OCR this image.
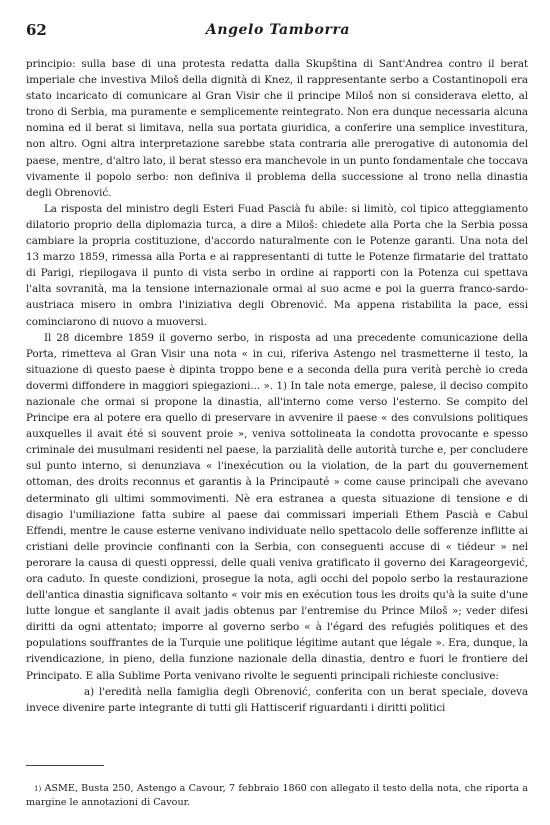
62	Angelo Tamborra

principio: sulla base di una protesta redatta dalla Skupština di Sant'Andrea contro il berat imperiale che investiva Miloš della dignità di Knez, il rappresentante serbo a Costantinopoli era stato incaricato di comunicare al Gran Visir che il principe Miloš non si considerava eletto, al trono di Serbia, ma puramente e semplicemente reintegrato. Non era dunque necessaria alcuna nomina ed il berat si limitava, nella sua portata giuridica, a conferire una semplice investitura, non altro. Ogni altra interpretazione sarebbe stata contraria alle prerogative di autonomia del paese, mentre, d'altro lato, il berat stesso era manchevole in un punto fondamentale che toccava vivamente il popolo serbo: non definiva il problema della successione al trono nella dinastia degli Obrenović.

La risposta del ministro degli Esteri Fuad Pascià fu abile: si limitò, col tipico atteggiamento dilatorio proprio della diplomazia turca, a dire a Miloš: chiedete alla Porta che la Serbia possa cambiare la propria costituzione, d'accordo naturalmente con le Potenze garanti. Una nota del 13 marzo 1859, rimessa alla Porta e ai rappresentanti di tutte le Potenze firmatarie del trattato di Parigi, riepilogava il punto di vista serbo in ordine ai rapporti con la Potenza cui spettava l'alta sovranità, ma la tensione internazionale ormai al suo acme e poi la guerra franco-sardo-austriaca misero in ombra l'iniziativa degli Obrenović. Ma appena ristabilita la pace, essi cominciarono di nuovo a muoversi.

Il 28 dicembre 1859 il governo serbo, in risposta ad una precedente comunicazione della Porta, rimetteva al Gran Visir una nota « in cui, riferiva Astengo nel trasmetterne il testo, la situazione di questo paese è dipinta troppo bene e a seconda della pura verità perchè io creda dovermi diffondere in maggiori spiegazioni... ». 1) In tale nota emerge, palese, il deciso compito nazionale che ormai si propone la dinastia, all'interno come verso l'esterno. Se compito del Principe era al potere era quello di preservare in avvenire il paese « des convulsions politiques auxquelles il avait été si souvent proie », veniva sottolineata la condotta provocante e spesso criminale dei musulmani residenti nel paese, la parzialità delle autorità turche e, per concludere sul punto interno, si denunziava « l'inexécution ou la violation, de la part du gouvernement ottoman, des droits reconnus et garantis à la Principauté » come cause principali che avevano determinato gli ultimi sommovimenti. Nè era estranea a questa situazione di tensione e di disagio l'umiliazione fatta subire al paese dai commissari imperiali Ethem Pascià e Cabul Effendi, mentre le cause esterne venivano individuate nello spettacolo delle sofferenze inflitte ai cristiani delle provincie confinanti con la Serbia, con conseguenti accuse di « tiédeur » nel perorare la causa di questi oppressi, delle quali veniva gratificato il governo dei Karageorgević, ora caduto. In queste condizioni, prosegue la nota, agli occhi del popolo serbo la restaurazione dell'antica dinastia significava soltanto « voir mis en exécution tous les droits qu'à la suite d'une lutte longue et sanglante il avait jadis obtenus par l'entremise du Prince Miloš »; veder difesi diritti da ogni attentato; imporre al governo serbo « à l'égard des refugiés politiques et des populations souffrantes de la Turquie une politique légitime autant que légale ». Era, dunque, la rivendicazione, in pieno, della funzione nazionale della dinastia, dentro e fuori le frontiere del Principato. E alla Sublime Porta venivano rivolte le seguenti principali richieste conclusive:

a) l'eredità nella famiglia degli Obrenović, conferita con un berat speciale, doveva invece divenire parte integrante di tutti gli Hattiscerif riguardanti i diritti politici

$^{1)}$ ASME, Busta 250, Astengo a Cavour, 7 febbraio 1860 con allegato il testo della nota, che riporta a margine le annotazioni di Cavour.
